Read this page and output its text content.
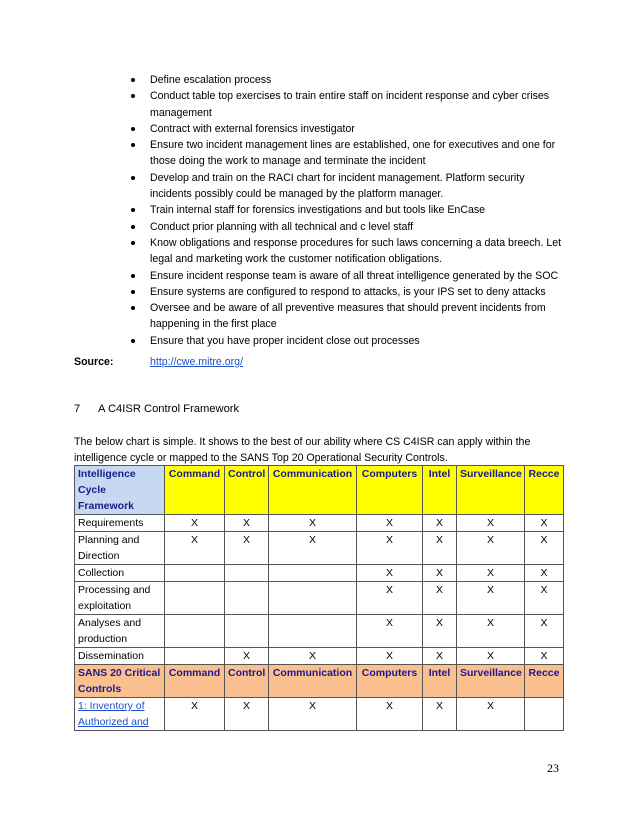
Define escalation process
Conduct table top exercises to train entire staff on incident response and cyber crises management
Contract with external forensics investigator
Ensure two incident management lines are established, one for executives and one for those doing the work to manage and terminate the incident
Develop and train on the RACI chart for incident management. Platform security incidents possibly could be managed by the platform manager.
Train internal staff for forensics investigations and but tools like EnCase
Conduct prior planning with all technical and c level staff
Know obligations and response procedures for such laws concerning a data breech. Let legal and marketing work the customer notification obligations.
Ensure incident response team is aware of all threat intelligence generated by the SOC
Ensure systems are configured to respond to attacks, is your IPS set to deny attacks
Oversee and be aware of all preventive measures that should prevent incidents from happening in the first place
Ensure that you have proper incident close out processes
Source:	http://cwe.mitre.org/
7 A C4ISR Control Framework
The below chart is simple. It shows to the best of our ability where CS C4ISR can apply within the intelligence cycle or mapped to the SANS Top 20 Operational Security Controls.
Intelligence Cycle Framework	Command	Control	Communication	Computers	Intel	Surveillance	Recce
Requirements	X	X	X	X	X	X	X
Planning and Direction	X	X	X	X	X	X	X
Collection				X	X	X	X
Processing and exploitation				X	X	X	X
Analyses and production				X	X	X	X
Dissemination		X	X	X	X	X	X
SANS 20 Critical Controls	Command	Control	Communication	Computers	Intel	Surveillance	Recce
1: Inventory of Authorized and	X	X	X	X	X	X	
23
